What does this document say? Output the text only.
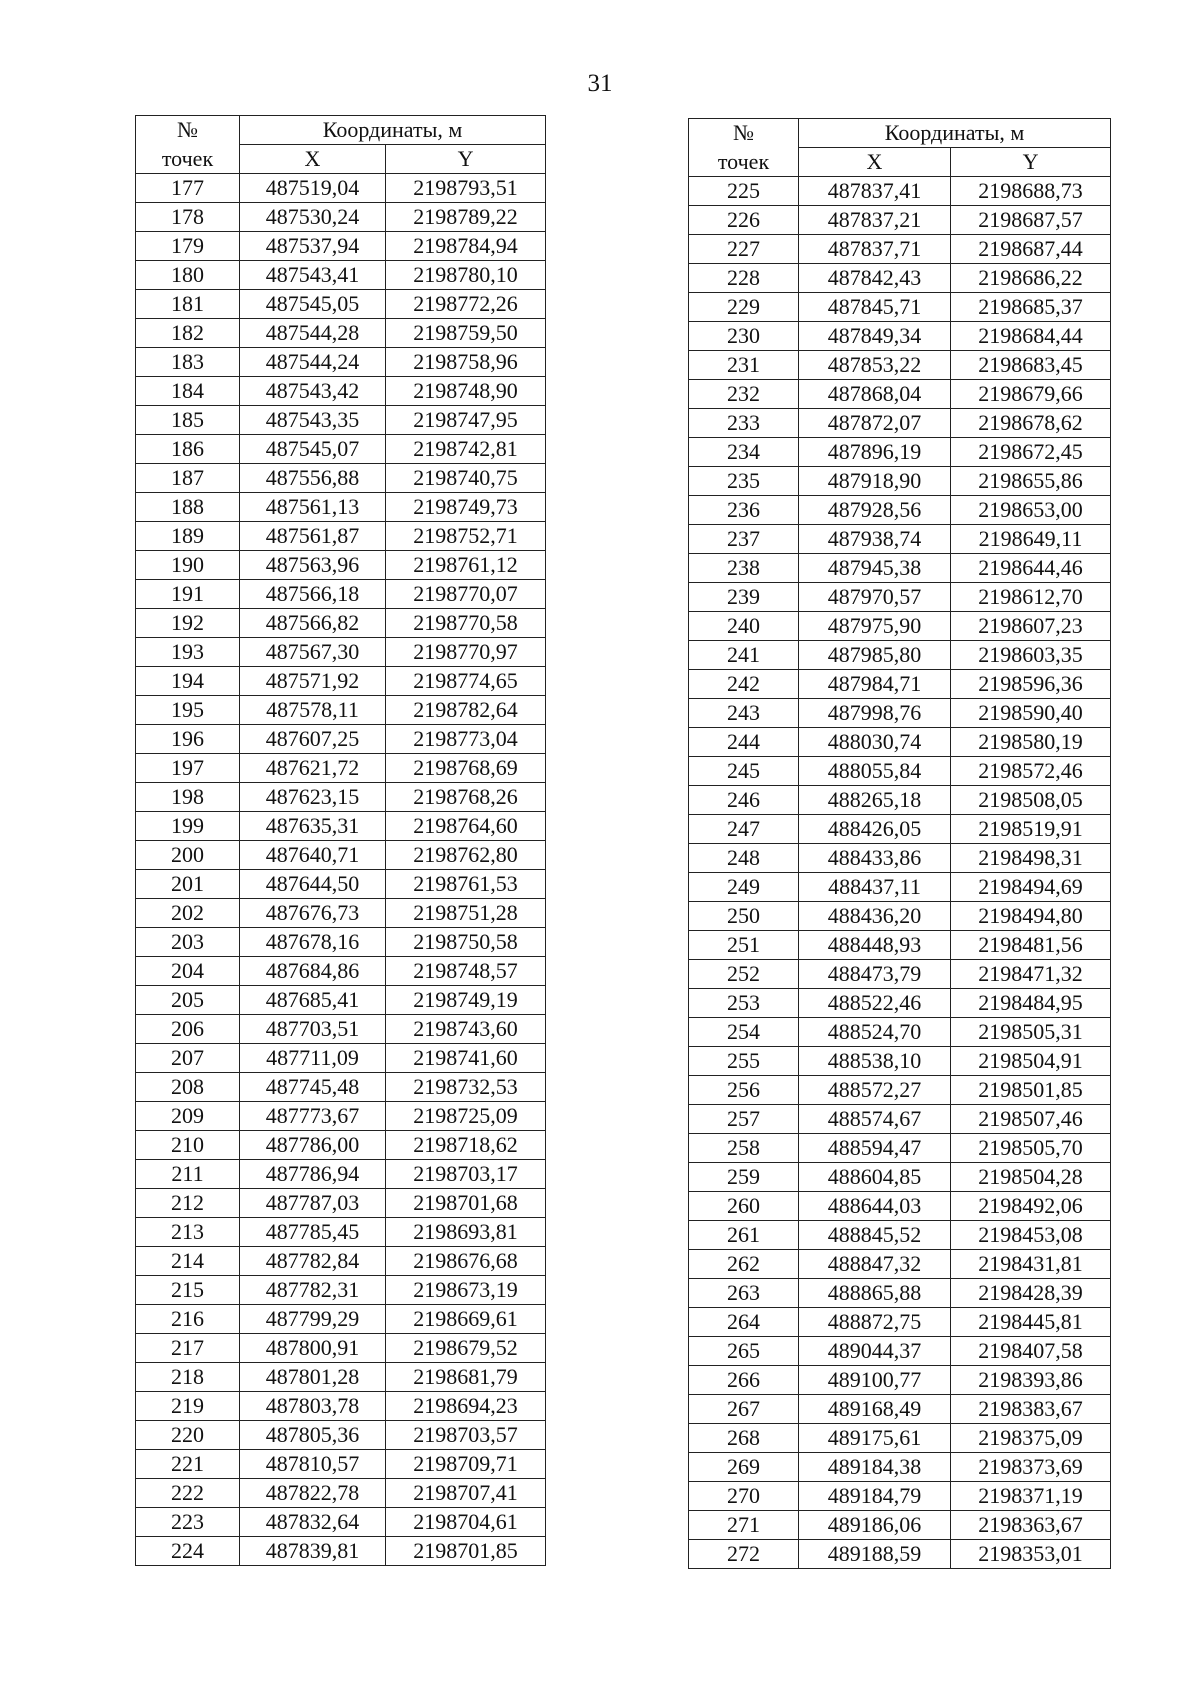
31
№	Координаты, м	
точек	X	Y
177	487519,04	2198793,51
178	487530,24	2198789,22
179	487537,94	2198784,94
180	487543,41	2198780,10
181	487545,05	2198772,26
182	487544,28	2198759,50
183	487544,24	2198758,96
184	487543,42	2198748,90
185	487543,35	2198747,95
186	487545,07	2198742,81
187	487556,88	2198740,75
188	487561,13	2198749,73
189	487561,87	2198752,71
190	487563,96	2198761,12
191	487566,18	2198770,07
192	487566,82	2198770,58
193	487567,30	2198770,97
194	487571,92	2198774,65
195	487578,11	2198782,64
196	487607,25	2198773,04
197	487621,72	2198768,69
198	487623,15	2198768,26
199	487635,31	2198764,60
200	487640,71	2198762,80
201	487644,50	2198761,53
202	487676,73	2198751,28
203	487678,16	2198750,58
204	487684,86	2198748,57
205	487685,41	2198749,19
206	487703,51	2198743,60
207	487711,09	2198741,60
208	487745,48	2198732,53
209	487773,67	2198725,09
210	487786,00	2198718,62
211	487786,94	2198703,17
212	487787,03	2198701,68
213	487785,45	2198693,81
214	487782,84	2198676,68
215	487782,31	2198673,19
216	487799,29	2198669,61
217	487800,91	2198679,52
218	487801,28	2198681,79
219	487803,78	2198694,23
220	487805,36	2198703,57
221	487810,57	2198709,71
222	487822,78	2198707,41
223	487832,64	2198704,61
224	487839,81	2198701,85
№	Координаты, м	
точек	X	Y
225	487837,41	2198688,73
226	487837,21	2198687,57
227	487837,71	2198687,44
228	487842,43	2198686,22
229	487845,71	2198685,37
230	487849,34	2198684,44
231	487853,22	2198683,45
232	487868,04	2198679,66
233	487872,07	2198678,62
234	487896,19	2198672,45
235	487918,90	2198655,86
236	487928,56	2198653,00
237	487938,74	2198649,11
238	487945,38	2198644,46
239	487970,57	2198612,70
240	487975,90	2198607,23
241	487985,80	2198603,35
242	487984,71	2198596,36
243	487998,76	2198590,40
244	488030,74	2198580,19
245	488055,84	2198572,46
246	488265,18	2198508,05
247	488426,05	2198519,91
248	488433,86	2198498,31
249	488437,11	2198494,69
250	488436,20	2198494,80
251	488448,93	2198481,56
252	488473,79	2198471,32
253	488522,46	2198484,95
254	488524,70	2198505,31
255	488538,10	2198504,91
256	488572,27	2198501,85
257	488574,67	2198507,46
258	488594,47	2198505,70
259	488604,85	2198504,28
260	488644,03	2198492,06
261	488845,52	2198453,08
262	488847,32	2198431,81
263	488865,88	2198428,39
264	488872,75	2198445,81
265	489044,37	2198407,58
266	489100,77	2198393,86
267	489168,49	2198383,67
268	489175,61	2198375,09
269	489184,38	2198373,69
270	489184,79	2198371,19
271	489186,06	2198363,67
272	489188,59	2198353,01
